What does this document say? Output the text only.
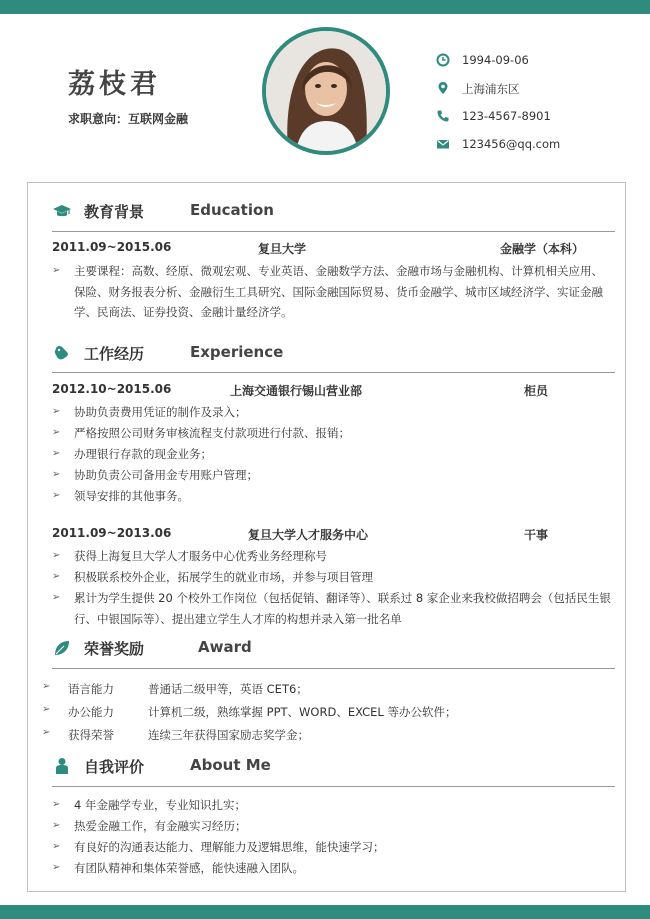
荔枝君
求职意向：互联网金融
1994-09-06
上海浦东区
123-4567-8901
123456@qq.com
教育背景	Education
2011.09~2015.06	复旦大学	金融学（本科）
➢ 主要课程：高数、经原、微观宏观、专业英语、金融数学方法、金融市场与金融机构、计算机相关应用、保险、财务报表分析、金融衍生工具研究、国际金融国际贸易、货币金融学、城市区域经济学、实证金融学、民商法、证券投资、金融计量经济学。
工作经历	Experience
2012.10~2015.06	上海交通银行锡山营业部	柜员
➢ 协助负责费用凭证的制作及录入；
➢ 严格按照公司财务审核流程支付款项进行付款、报销；
➢ 办理银行存款的现金业务；
➢ 协助负责公司备用金专用账户管理；
➢ 领导安排的其他事务。
2011.09~2013.06	复旦大学人才服务中心	干事
➢ 获得上海复旦大学人才服务中心优秀业务经理称号
➢ 积极联系校外企业，拓展学生的就业市场，并参与项目管理
➢ 累计为学生提供 20 个校外工作岗位（包括促销、翻译等）、联系过 8 家企业来我校做招聘会（包括民生银行、中银国际等）、提出建立学生人才库的构想并录入第一批名单
荣誉奖励	Award
➢ 语言能力	普通话二级甲等，英语 CET6；
➢ 办公能力	计算机二级，熟练掌握 PPT、WORD、EXCEL 等办公软件；
➢ 获得荣誉	连续三年获得国家励志奖学金；
自我评价	About Me
➢ 4 年金融学专业，专业知识扎实；
➢ 热爱金融工作，有金融实习经历；
➢ 有良好的沟通表达能力、理解能力及逻辑思维，能快速学习；
➢ 有团队精神和集体荣誉感，能快速融入团队。
